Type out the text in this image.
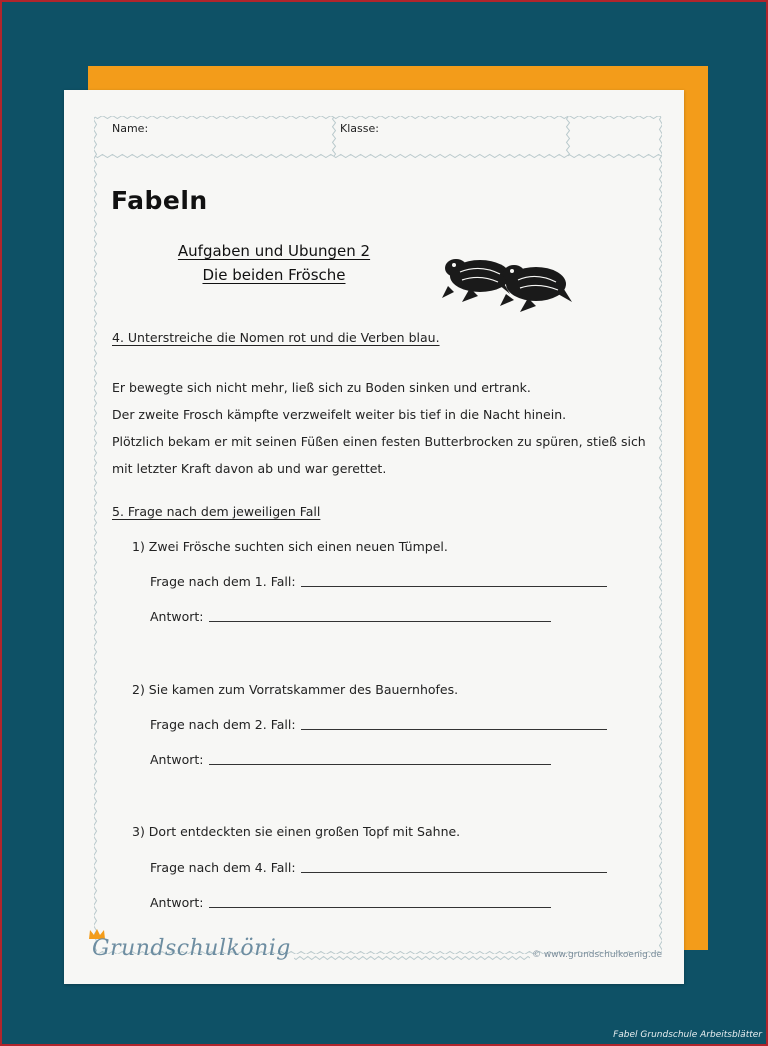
Name:	Klasse:
Fabeln
Aufgaben und Ubungen 2
Die beiden Frösche
4. Unterstreiche die Nomen rot und die Verben blau.
Er bewegte sich nicht mehr, ließ sich zu Boden sinken und ertrank.
Der zweite Frosch kämpfte verzweifelt weiter bis tief in die Nacht hinein.
Plötzlich bekam er mit seinen Füßen einen festen Butterbrocken zu spüren, stieß sich
mit letzter Kraft davon ab und war gerettet.
5. Frage nach dem jeweiligen Fall
1) Zwei Frösche suchten sich einen neuen Tümpel.
Frage nach dem 1. Fall:
Antwort:
2) Sie kamen zum Vorratskammer des Bauernhofes.
Frage nach dem 2. Fall:
Antwort:
3) Dort entdeckten sie einen großen Topf mit Sahne.
Frage nach dem 4. Fall:
Antwort:
Grundschulkönig	© www.grundschulkoenig.de
Fabel Grundschule Arbeitsblätter
